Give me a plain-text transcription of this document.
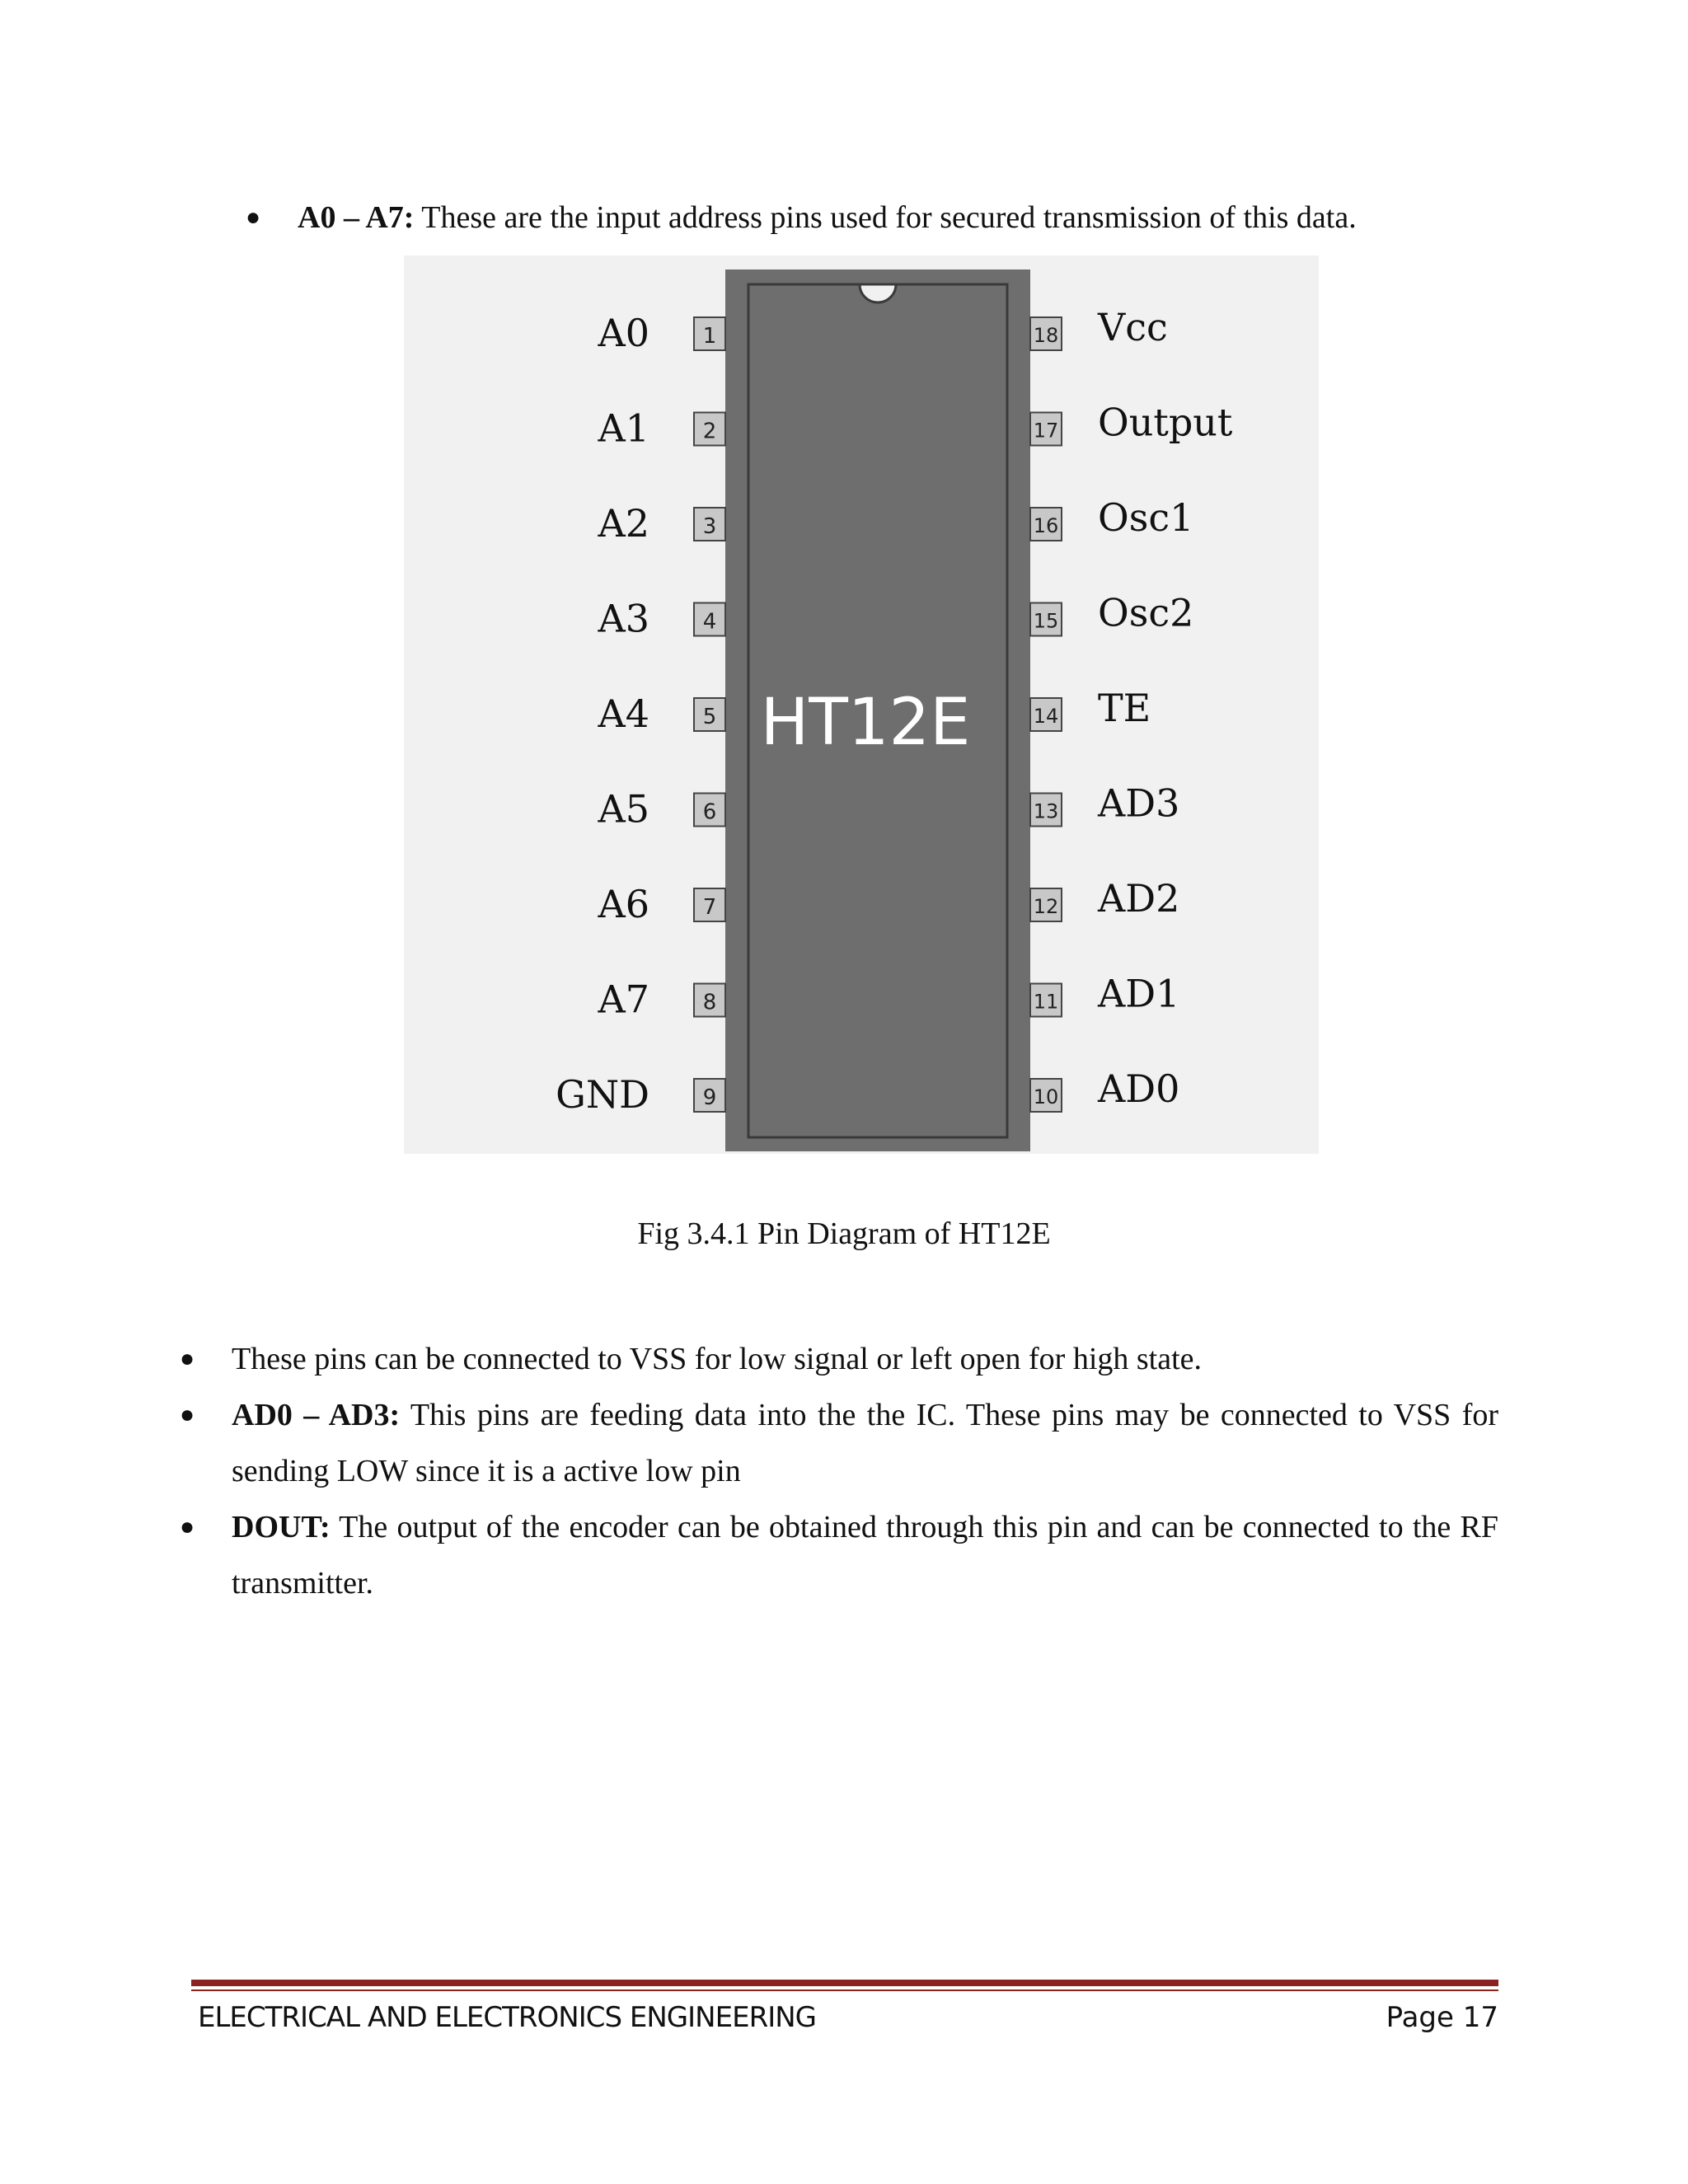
● A0 – A7: These are the input address pins used for secured transmission of this data.
HT12E
1
A0	18 Vcc
2
A1	17 Output
3
A2	16 Osc1
4
A3	15 Osc2
5
A4	14 TE
6
A5	13 AD3
7
A6	12 AD2
8
A7	11 AD1
9
GND	10 AD0
Fig 3.4.1 Pin Diagram of HT12E
●	These pins can be connected to VSS for low signal or left open for high state.
●	AD0 – AD3: This pins are feeding data into the the IC. These pins may be connected to VSS for sending LOW since it is a active low pin
●	DOUT: The output of the encoder can be obtained through this pin and can be connected to the RF transmitter.
ELECTRICAL AND ELECTRONICS ENGINEERING	Page 17
